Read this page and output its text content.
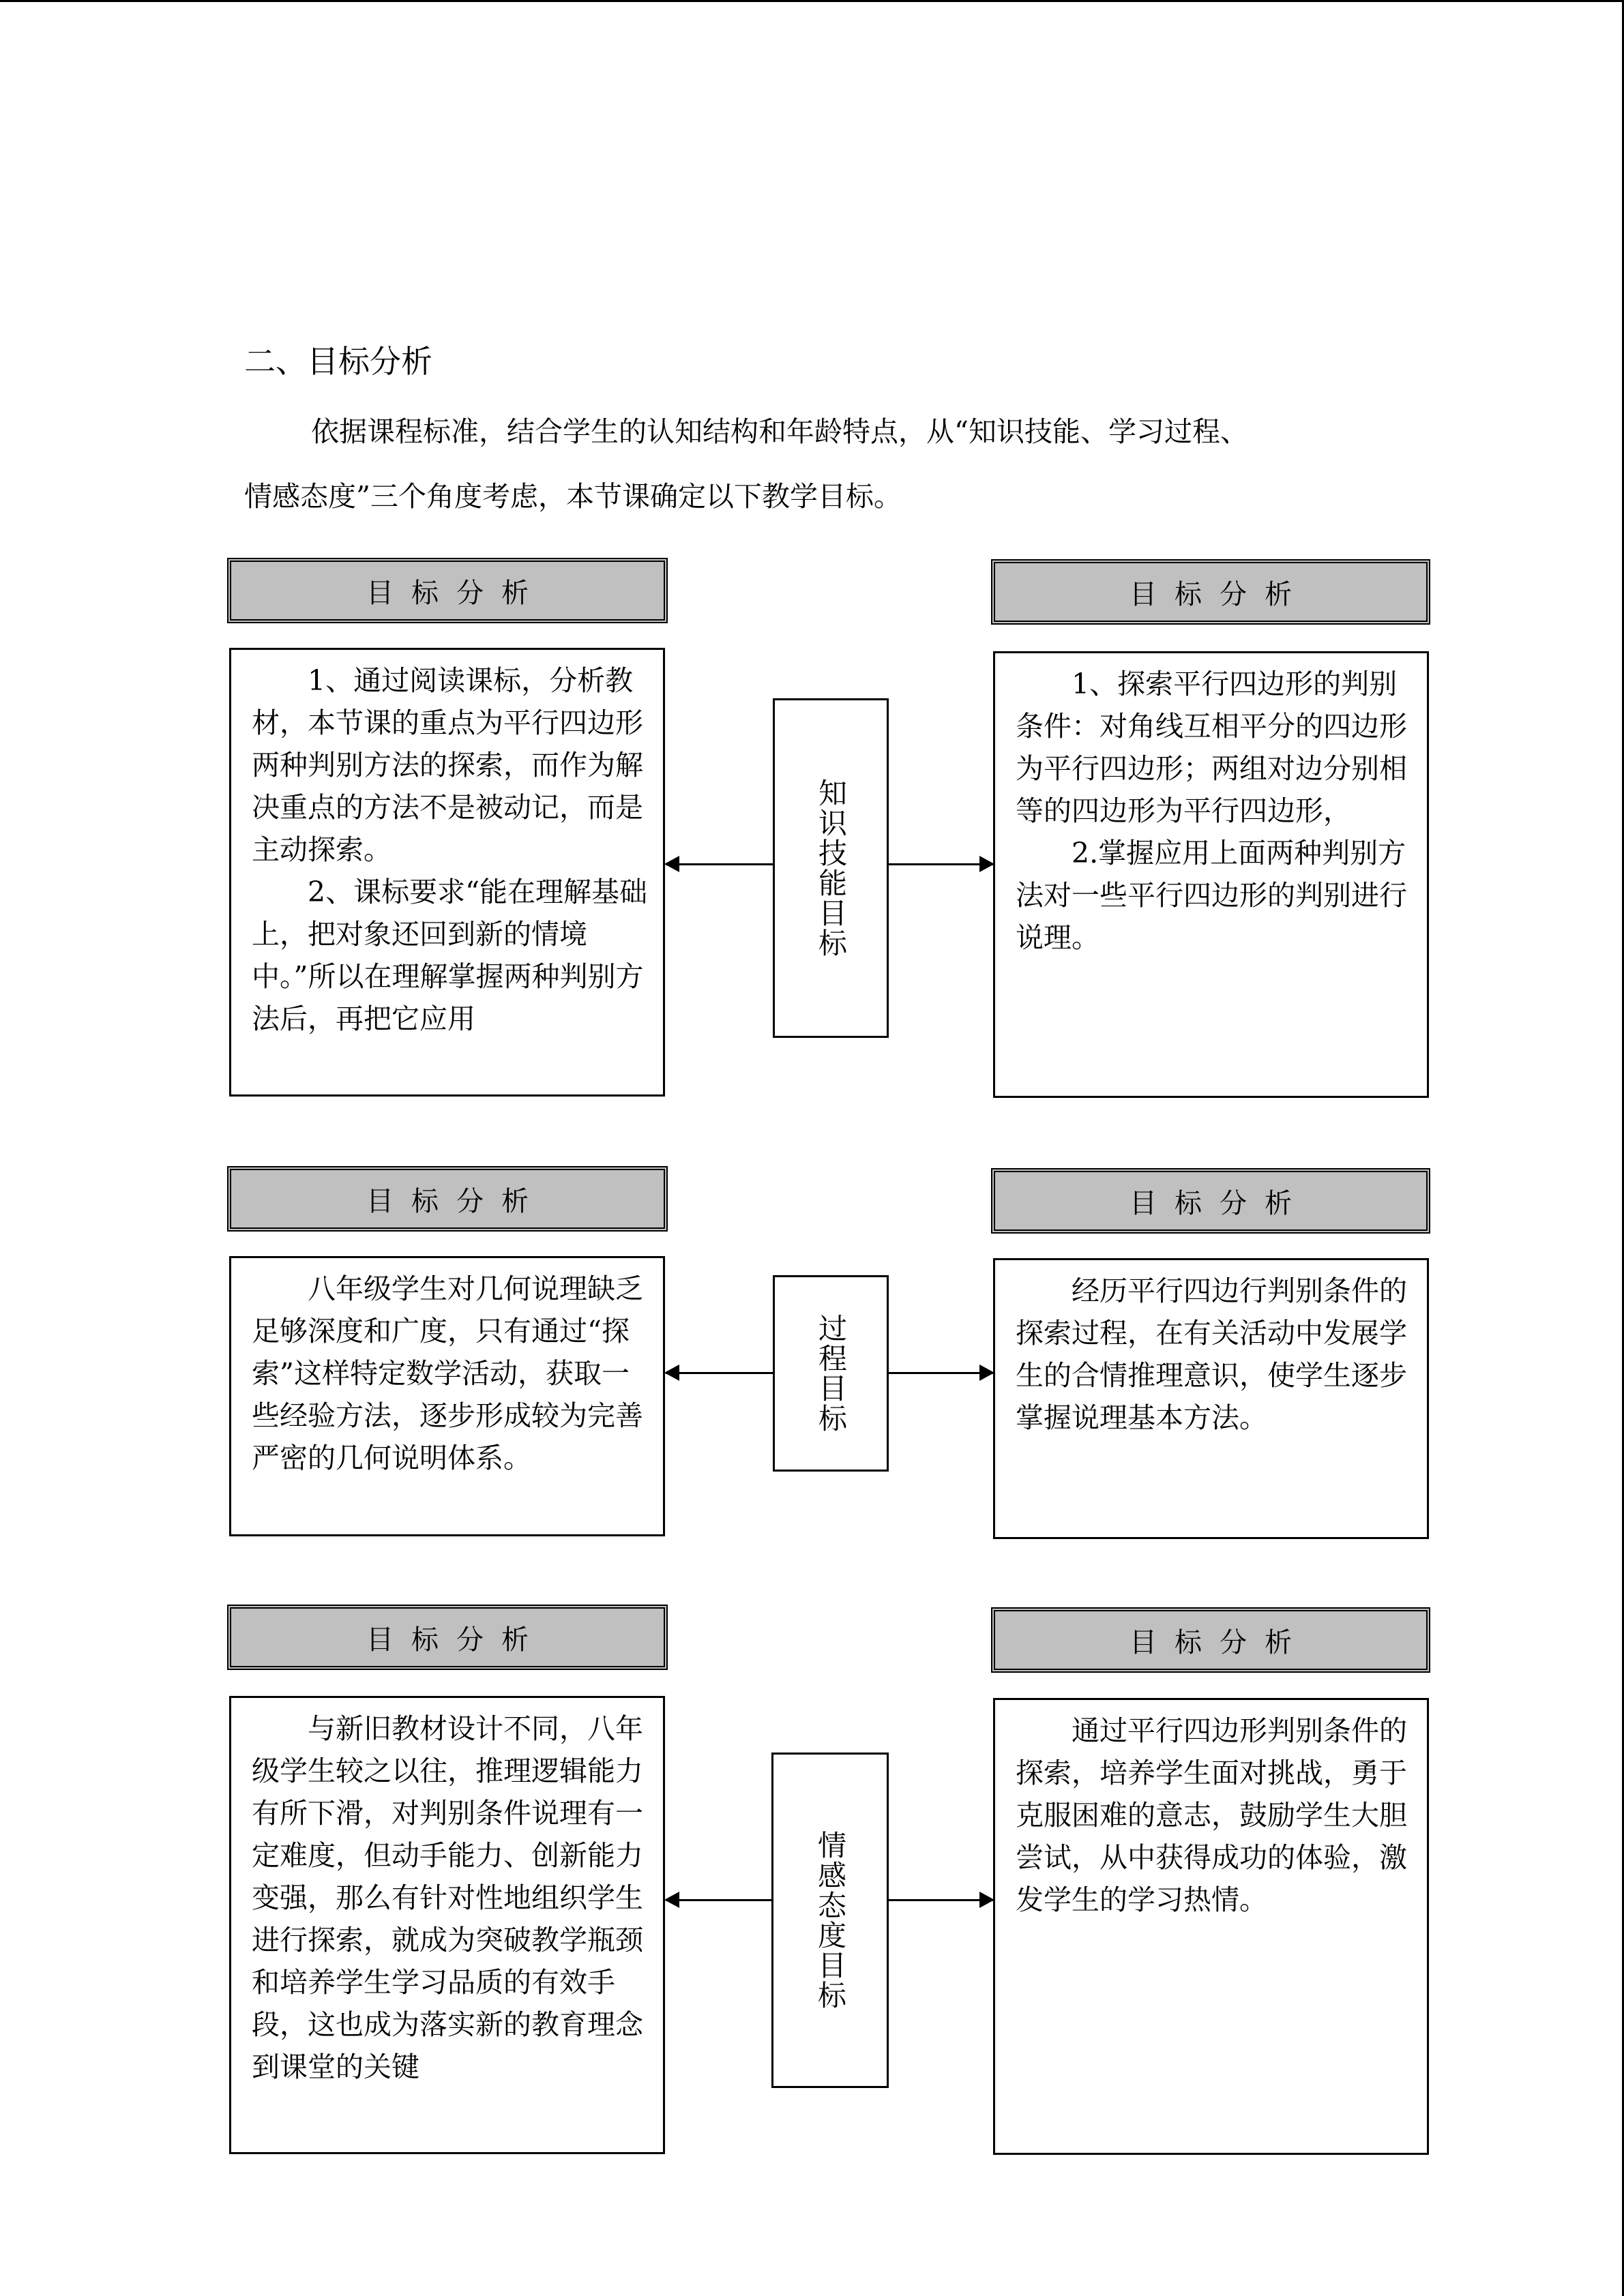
二、目标分析
依据课程标准，结合学生的认知结构和年龄特点，从“知识技能、学习过程、
情感态度”三个角度考虑，本节课确定以下教学目标。
目标分析	目标分析

1、通过阅读课标，分析教材，本节课的重点为平行四边形两种判别方法的探索，而作为解决重点的方法不是被动记，而是主动探索。

2、课标要求“能在理解基础上，把对象还回到新的情境中。”所以在理解掌握两种判别方法后，再把它应用

1、探索平行四边形的判别条件：对角线互相平分的四边形为平行四边形；两组对边分别相等的四边形为平行四边形，

2.掌握应用上面两种判别方法对一些平行四边形的判别进行说理。

知识技能目标
目标分析	目标分析

八年级学生对几何说理缺乏足够深度和广度，只有通过“探索”这样特定数学活动，获取一些经验方法，逐步形成较为完善严密的几何说明体系。

经历平行四边行判别条件的探索过程，在有关活动中发展学生的合情推理意识，使学生逐步掌握说理基本方法。

过程目标
目标分析	目标分析

与新旧教材设计不同，八年级学生较之以往，推理逻辑能力有所下滑，对判别条件说理有一定难度，但动手能力、创新能力变强，那么有针对性地组织学生进行探索，就成为突破教学瓶颈和培养学生学习品质的有效手段，这也成为落实新的教育理念到课堂的关键

通过平行四边形判别条件的探索，培养学生面对挑战，勇于克服困难的意志，鼓励学生大胆尝试，从中获得成功的体验，激发学生的学习热情。

情感态度目标
